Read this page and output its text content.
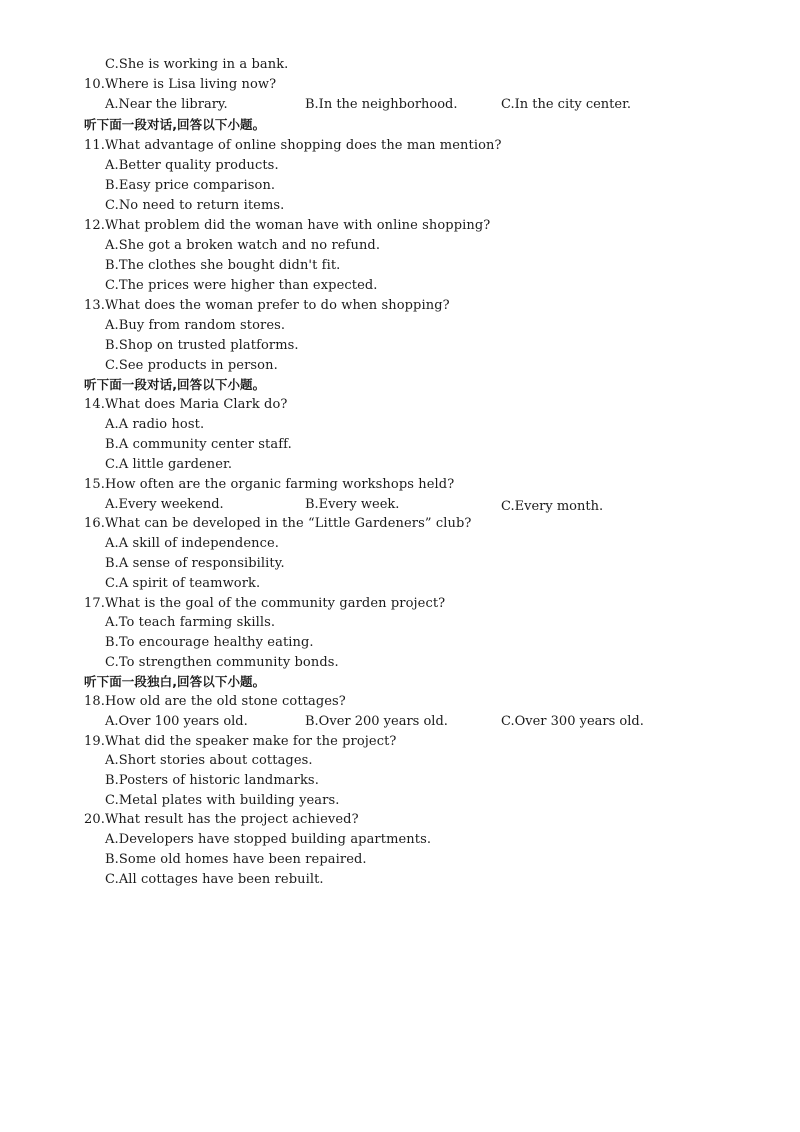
C.She is working in a bank.
10.Where is Lisa living now?
A.Near the library.	B.In the neighborhood.	C.In the city center.
听下面一段对话,回答以下小题。
11.What advantage of online shopping does the man mention?
A.Better quality products.
B.Easy price comparison.
C.No need to return items.
12.What problem did the woman have with online shopping?
A.She got a broken watch and no refund.
B.The clothes she bought didn't fit.
C.The prices were higher than expected.
13.What does the woman prefer to do when shopping?
A.Buy from random stores.
B.Shop on trusted platforms.
C.See products in person.
听下面一段对话,回答以下小题。
14.What does Maria Clark do?
A.A radio host.
B.A community center staff.
C.A little gardener.
15.How often are the organic farming workshops held?
A.Every weekend.	B.Every week.	C.Every month.
16.What can be developed in the “Little Gardeners” club?
A.A skill of independence.
B.A sense of responsibility.
C.A spirit of teamwork.
17.What is the goal of the community garden project?
A.To teach farming skills.
B.To encourage healthy eating.
C.To strengthen community bonds.
听下面一段独白,回答以下小题。
18.How old are the old stone cottages?
A.Over 100 years old.	B.Over 200 years old.	C.Over 300 years old.
19.What did the speaker make for the project?
A.Short stories about cottages.
B.Posters of historic landmarks.
C.Metal plates with building years.
20.What result has the project achieved?
A.Developers have stopped building apartments.
B.Some old homes have been repaired.
C.All cottages have been rebuilt.
